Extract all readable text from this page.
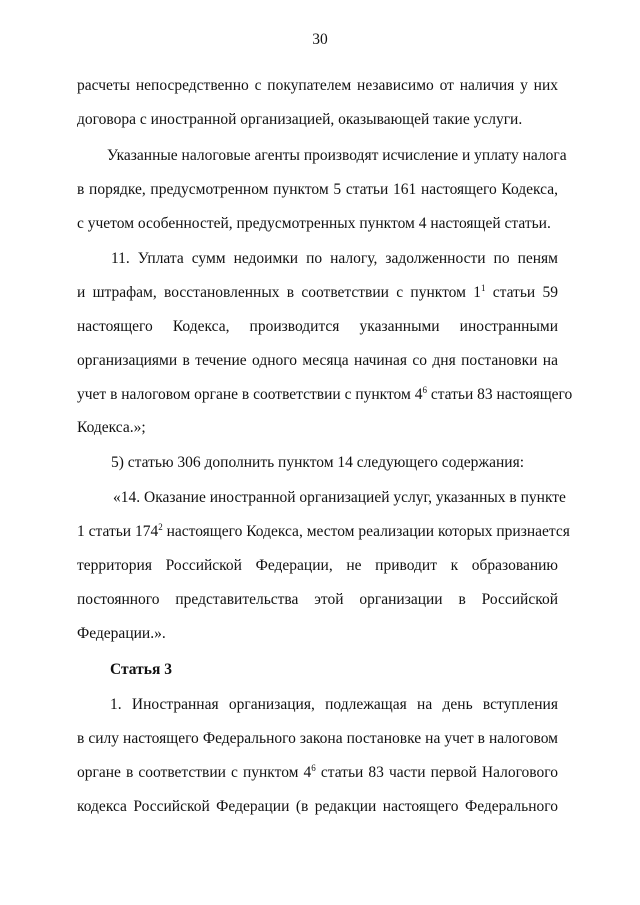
30
расчеты непосредственно с покупателем независимо от наличия у них
договора с иностранной организацией, оказывающей такие услуги.
Указанные налоговые агенты производят исчисление и уплату налога
в порядке, предусмотренном пунктом 5 статьи 161 настоящего Кодекса,
с учетом особенностей, предусмотренных пунктом 4 настоящей статьи.
11. Уплата сумм недоимки по налогу, задолженности по пеням
и штрафам, восстановленных в соответствии с пунктом $1^1$ статьи 59
настоящего Кодекса, производится указанными иностранными
организациями в течение одного месяца начиная со дня постановки на
учет в налоговом органе в соответствии с пунктом $4^6$ статьи 83 настоящего
Кодекса.»;
5) статью 306 дополнить пунктом 14 следующего содержания:
«14. Оказание иностранной организацией услуг, указанных в пункте
1 статьи $174^2$ настоящего Кодекса, местом реализации которых признается
территория Российской Федерации, не приводит к образованию
постоянного представительства этой организации в Российской
Федерации.».
Статья 3
1. Иностранная организация, подлежащая на день вступления
в силу настоящего Федерального закона постановке на учет в налоговом
органе в соответствии с пунктом $4^6$ статьи 83 части первой Налогового
кодекса Российской Федерации (в редакции настоящего Федерального
